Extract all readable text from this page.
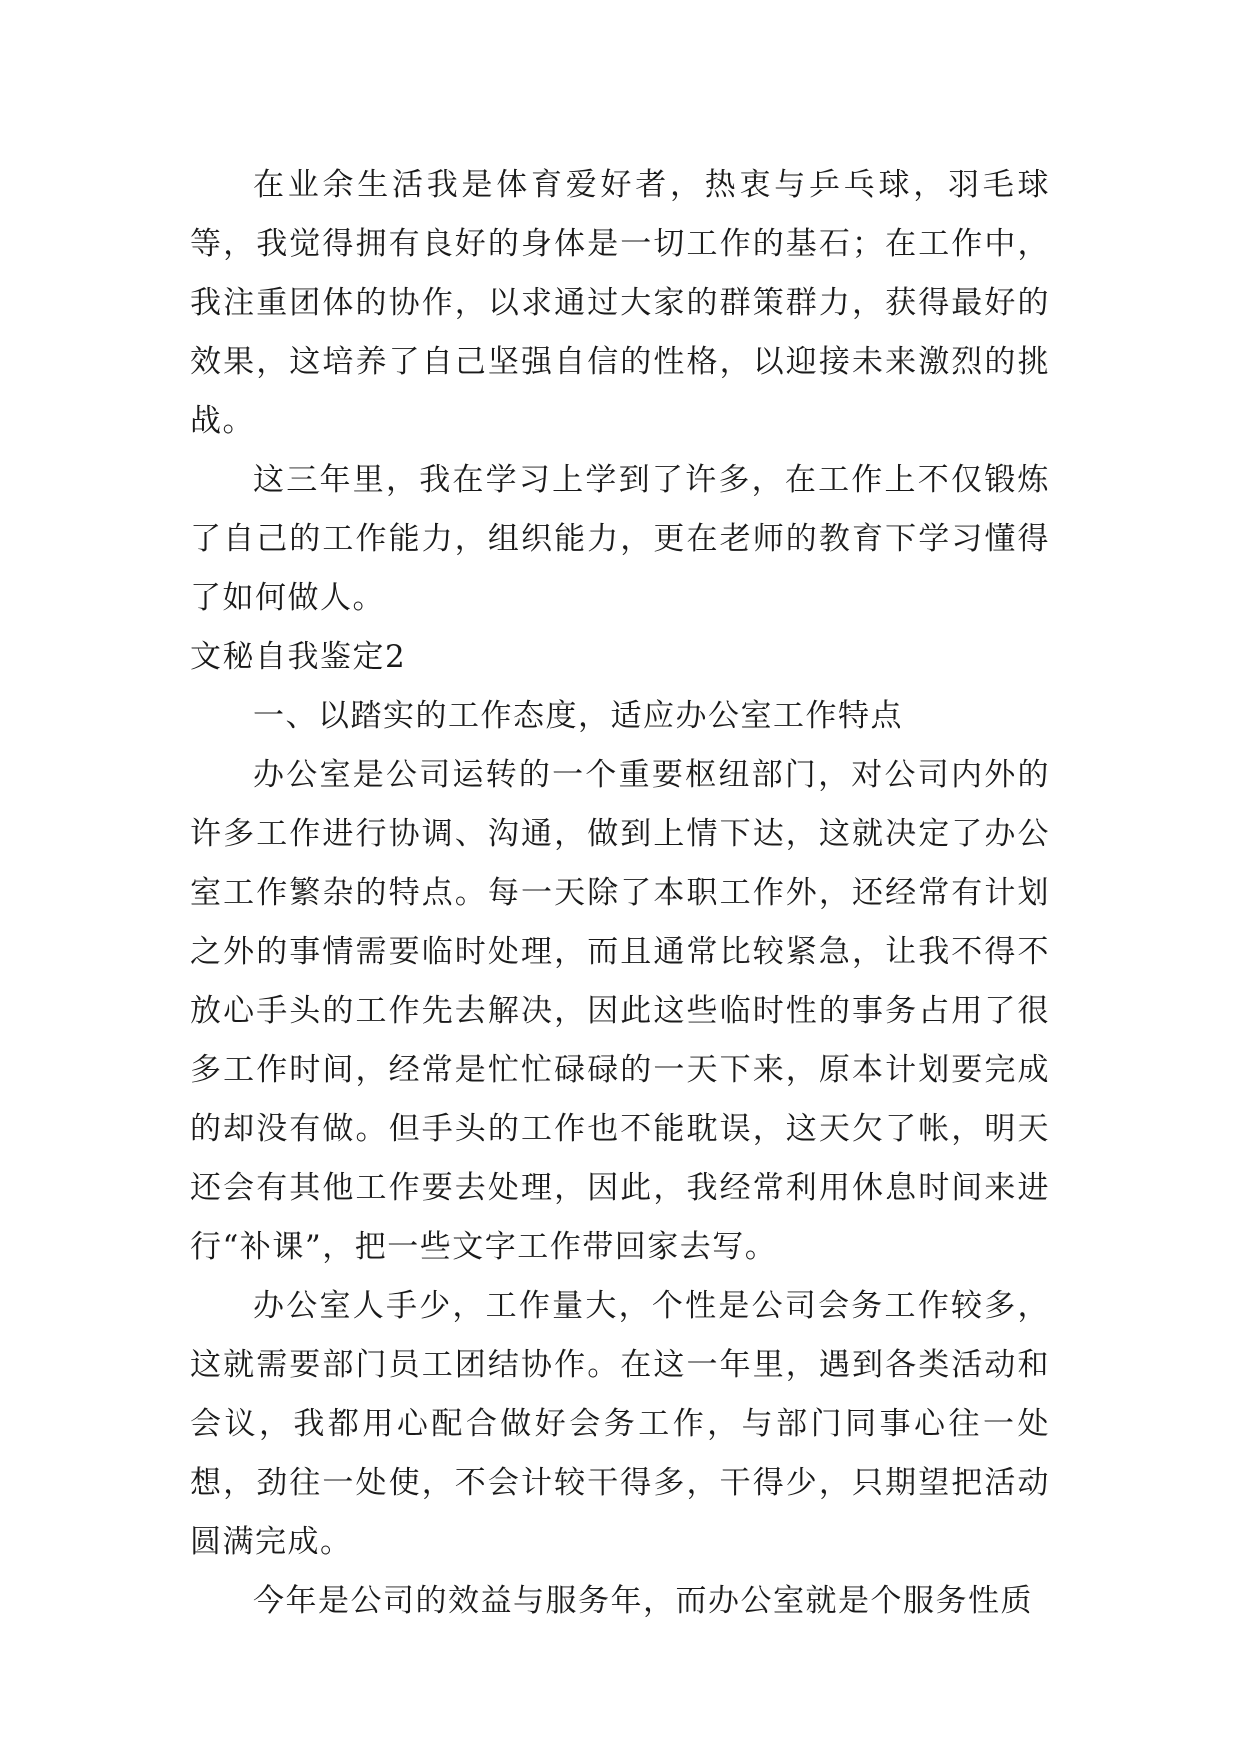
在业余生活我是体育爱好者，热衷与乒乓球，羽毛球等，我觉得拥有良好的身体是一切工作的基石；在工作中，我注重团体的协作，以求通过大家的群策群力，获得最好的效果，这培养了自己坚强自信的性格，以迎接未来激烈的挑战。

这三年里，我在学习上学到了许多，在工作上不仅锻炼了自己的工作能力，组织能力，更在老师的教育下学习懂得了如何做人。

文秘自我鉴定2

一、以踏实的工作态度，适应办公室工作特点

办公室是公司运转的一个重要枢纽部门，对公司内外的许多工作进行协调、沟通，做到上情下达，这就决定了办公室工作繁杂的特点。每一天除了本职工作外，还经常有计划之外的事情需要临时处理，而且通常比较紧急，让我不得不放心手头的工作先去解决，因此这些临时性的事务占用了很多工作时间，经常是忙忙碌碌的一天下来，原本计划要完成的却没有做。但手头的工作也不能耽误，这天欠了帐，明天还会有其他工作要去处理，因此，我经常利用休息时间来进行“补课”，把一些文字工作带回家去写。

办公室人手少，工作量大，个性是公司会务工作较多，这就需要部门员工团结协作。在这一年里，遇到各类活动和会议，我都用心配合做好会务工作，与部门同事心往一处想，劲往一处使，不会计较干得多，干得少，只期望把活动圆满完成。

今年是公司的效益与服务年，而办公室就是个服务性质
